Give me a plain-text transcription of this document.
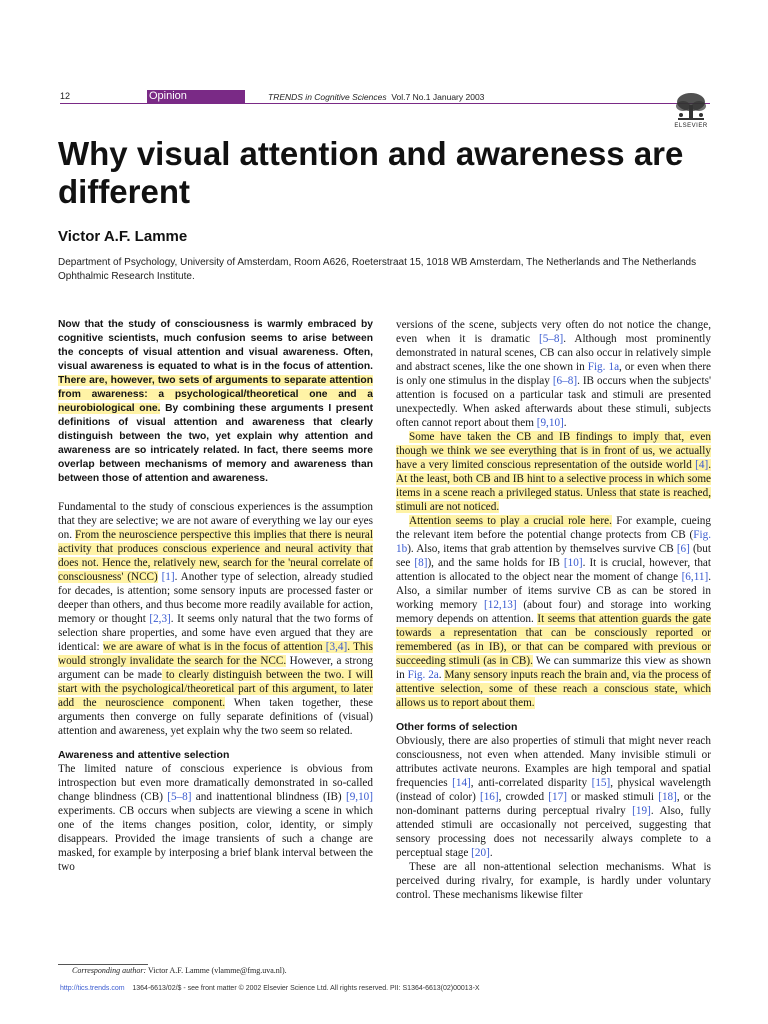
12	Opinion	TRENDS in Cognitive Sciences Vol.7 No.1 January 2003
ELSEVIER
Why visual attention and awareness are different
Victor A.F. Lamme
Department of Psychology, University of Amsterdam, Room A626, Roeterstraat 15, 1018 WB Amsterdam, The Netherlands and The Netherlands Ophthalmic Research Institute.

Now that the study of consciousness is warmly embraced by cognitive scientists, much confusion seems to arise between the concepts of visual attention and visual awareness. Often, visual awareness is equated to what is in the focus of attention. There are, however, two sets of arguments to separate attention from awareness: a psychological/theoretical one and a neurobiological one. By combining these arguments I present definitions of visual attention and awareness that clearly distinguish between the two, yet explain why attention and awareness are so intricately related. In fact, there seems more overlap between mechanisms of memory and awareness than between those of attention and awareness.

Fundamental to the study of conscious experiences is the assumption that they are selective; we are not aware of everything we lay our eyes on. From the neuroscience perspective this implies that there is neural activity that produces conscious experience and neural activity that does not. Hence the, relatively new, search for the 'neural correlate of consciousness' (NCC) [1]. Another type of selection, already studied for decades, is attention; some sensory inputs are processed faster or deeper than others, and thus become more readily available for action, memory or thought [2,3]. It seems only natural that the two forms of selection share properties, and some have even argued that they are identical: we are aware of what is in the focus of attention [3,4]. This would strongly invalidate the search for the NCC. However, a strong argument can be made to clearly distinguish between the two. I will start with the psychological/theoretical part of this argument, to later add the neuroscience component. When taken together, these arguments then converge on fully separate definitions of (visual) attention and awareness, yet explain why the two seem so related.

Awareness and attentive selection

The limited nature of conscious experience is obvious from introspection but even more dramatically demonstrated in so-called change blindness (CB) [5–8] and inattentional blindness (IB) [9,10] experiments. CB occurs when subjects are viewing a scene in which one of the items changes position, color, identity, or simply disappears. Provided the image transients of such a change are masked, for example by interposing a brief blank interval between the two

versions of the scene, subjects very often do not notice the change, even when it is dramatic [5–8]. Although most prominently demonstrated in natural scenes, CB can also occur in relatively simple and abstract scenes, like the one shown in Fig. 1a, or even when there is only one stimulus in the display [6–8]. IB occurs when the subjects' attention is focused on a particular task and stimuli are presented unexpectedly. When asked afterwards about these stimuli, subjects often cannot report about them [9,10].

Some have taken the CB and IB findings to imply that, even though we think we see everything that is in front of us, we actually have a very limited conscious representation of the outside world [4]. At the least, both CB and IB hint to a selective process in which some items in a scene reach a privileged status. Unless that state is reached, stimuli are not noticed.

Attention seems to play a crucial role here. For example, cueing the relevant item before the potential change protects from CB (Fig. 1b). Also, items that grab attention by themselves survive CB [6] (but see [8]), and the same holds for IB [10]. It is crucial, however, that attention is allocated to the object near the moment of change [6,11]. Also, a similar number of items survive CB as can be stored in working memory [12,13] (about four) and storage into working memory depends on attention. It seems that attention guards the gate towards a representation that can be consciously reported or remembered (as in IB), or that can be compared with previous or succeeding stimuli (as in CB). We can summarize this view as shown in Fig. 2a. Many sensory inputs reach the brain and, via the process of attentive selection, some of these reach a conscious state, which allows us to report about them.

Other forms of selection

Obviously, there are also properties of stimuli that might never reach consciousness, not even when attended. Many invisible stimuli or attributes activate neurons. Examples are high temporal and spatial frequencies [14], anti-correlated disparity [15], physical wavelength (instead of color) [16], crowded [17] or masked stimuli [18], or the non-dominant patterns during perceptual rivalry [19]. Also, fully attended stimuli are occasionally not perceived, suggesting that sensory processing does not necessarily always complete to a perceptual stage [20].

These are all non-attentional selection mechanisms. What is perceived during rivalry, for example, is hardly under voluntary control. These mechanisms likewise filter

Corresponding author: Victor A.F. Lamme (vlamme@fmg.uva.nl).
http://tics.trends.com 1364-6613/02/$ - see front matter © 2002 Elsevier Science Ltd. All rights reserved. PII: S1364-6613(02)00013-X
